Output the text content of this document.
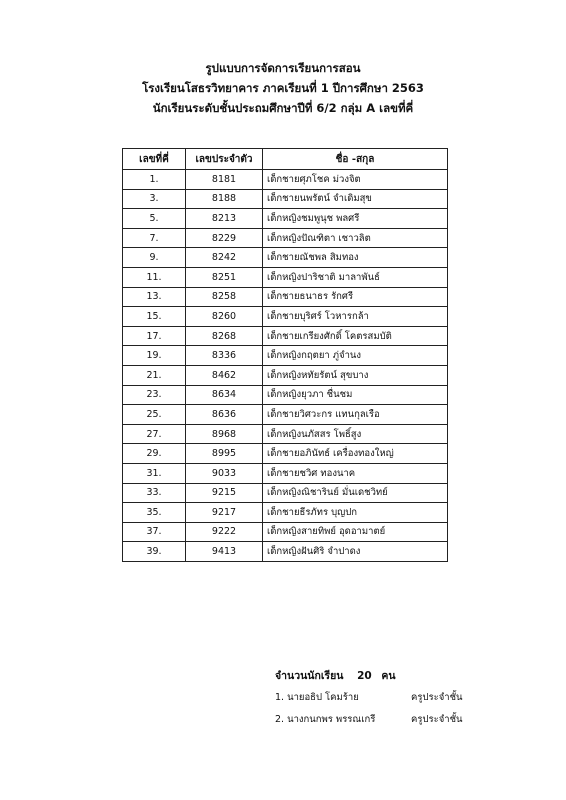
รูปแบบการจัดการเรียนการสอน
โรงเรียนโสธรวิทยาคาร ภาคเรียนที่ 1 ปีการศึกษา 2563
นักเรียนระดับชั้นประถมศึกษาปีที่ 6/2 กลุ่ม A เลขที่คี่
เลขที่คี่	เลขประจำตัว	ชื่อ -สกุล
1.	8181	เด็กชายศุภโชค ม่วงจิต
3.	8188	เด็กชายนพรัตน์ จำเดิมสุข
5.	8213	เด็กหญิงชมพูนุช พลศรี
7.	8229	เด็กหญิงปัณฑิตา เชาวลิต
9.	8242	เด็กชายณัชพล สิมทอง
11.	8251	เด็กหญิงปาริชาติ มาลาพันธ์
13.	8258	เด็กชายธนาธร รักศรี
15.	8260	เด็กชายบุริศร์ โวหารกล้า
17.	8268	เด็กชายเกรียงศักดิ์ โคตรสมบัติ
19.	8336	เด็กหญิงกฤตยา ภู่จำนง
21.	8462	เด็กหญิงหทัยรัตน์ สุขบาง
23.	8634	เด็กหญิงยุวภา ชื่นชม
25.	8636	เด็กชายวิศวะกร แทนกุลเรือ
27.	8968	เด็กหญิงนภัสสร โพธิ์สูง
29.	8995	เด็กชายอภินัทธ์ เครื่องทองใหญ่
31.	9033	เด็กชายชวิศ ทองนาค
33.	9215	เด็กหญิงณิชารินย์ มั่นเดชวิทย์
35.	9217	เด็กชายธีรภัทร บุญปก
37.	9222	เด็กหญิงสายทิพย์ อุดอามาตย์
39.	9413	เด็กหญิงฝันศิริ จำปาดง
จำนวนนักเรียน 20 คน
1. นายอธิป โคมร้าย	ครูประจำชั้น
2. นางกนกพร พรรณเกรี	ครูประจำชั้น
